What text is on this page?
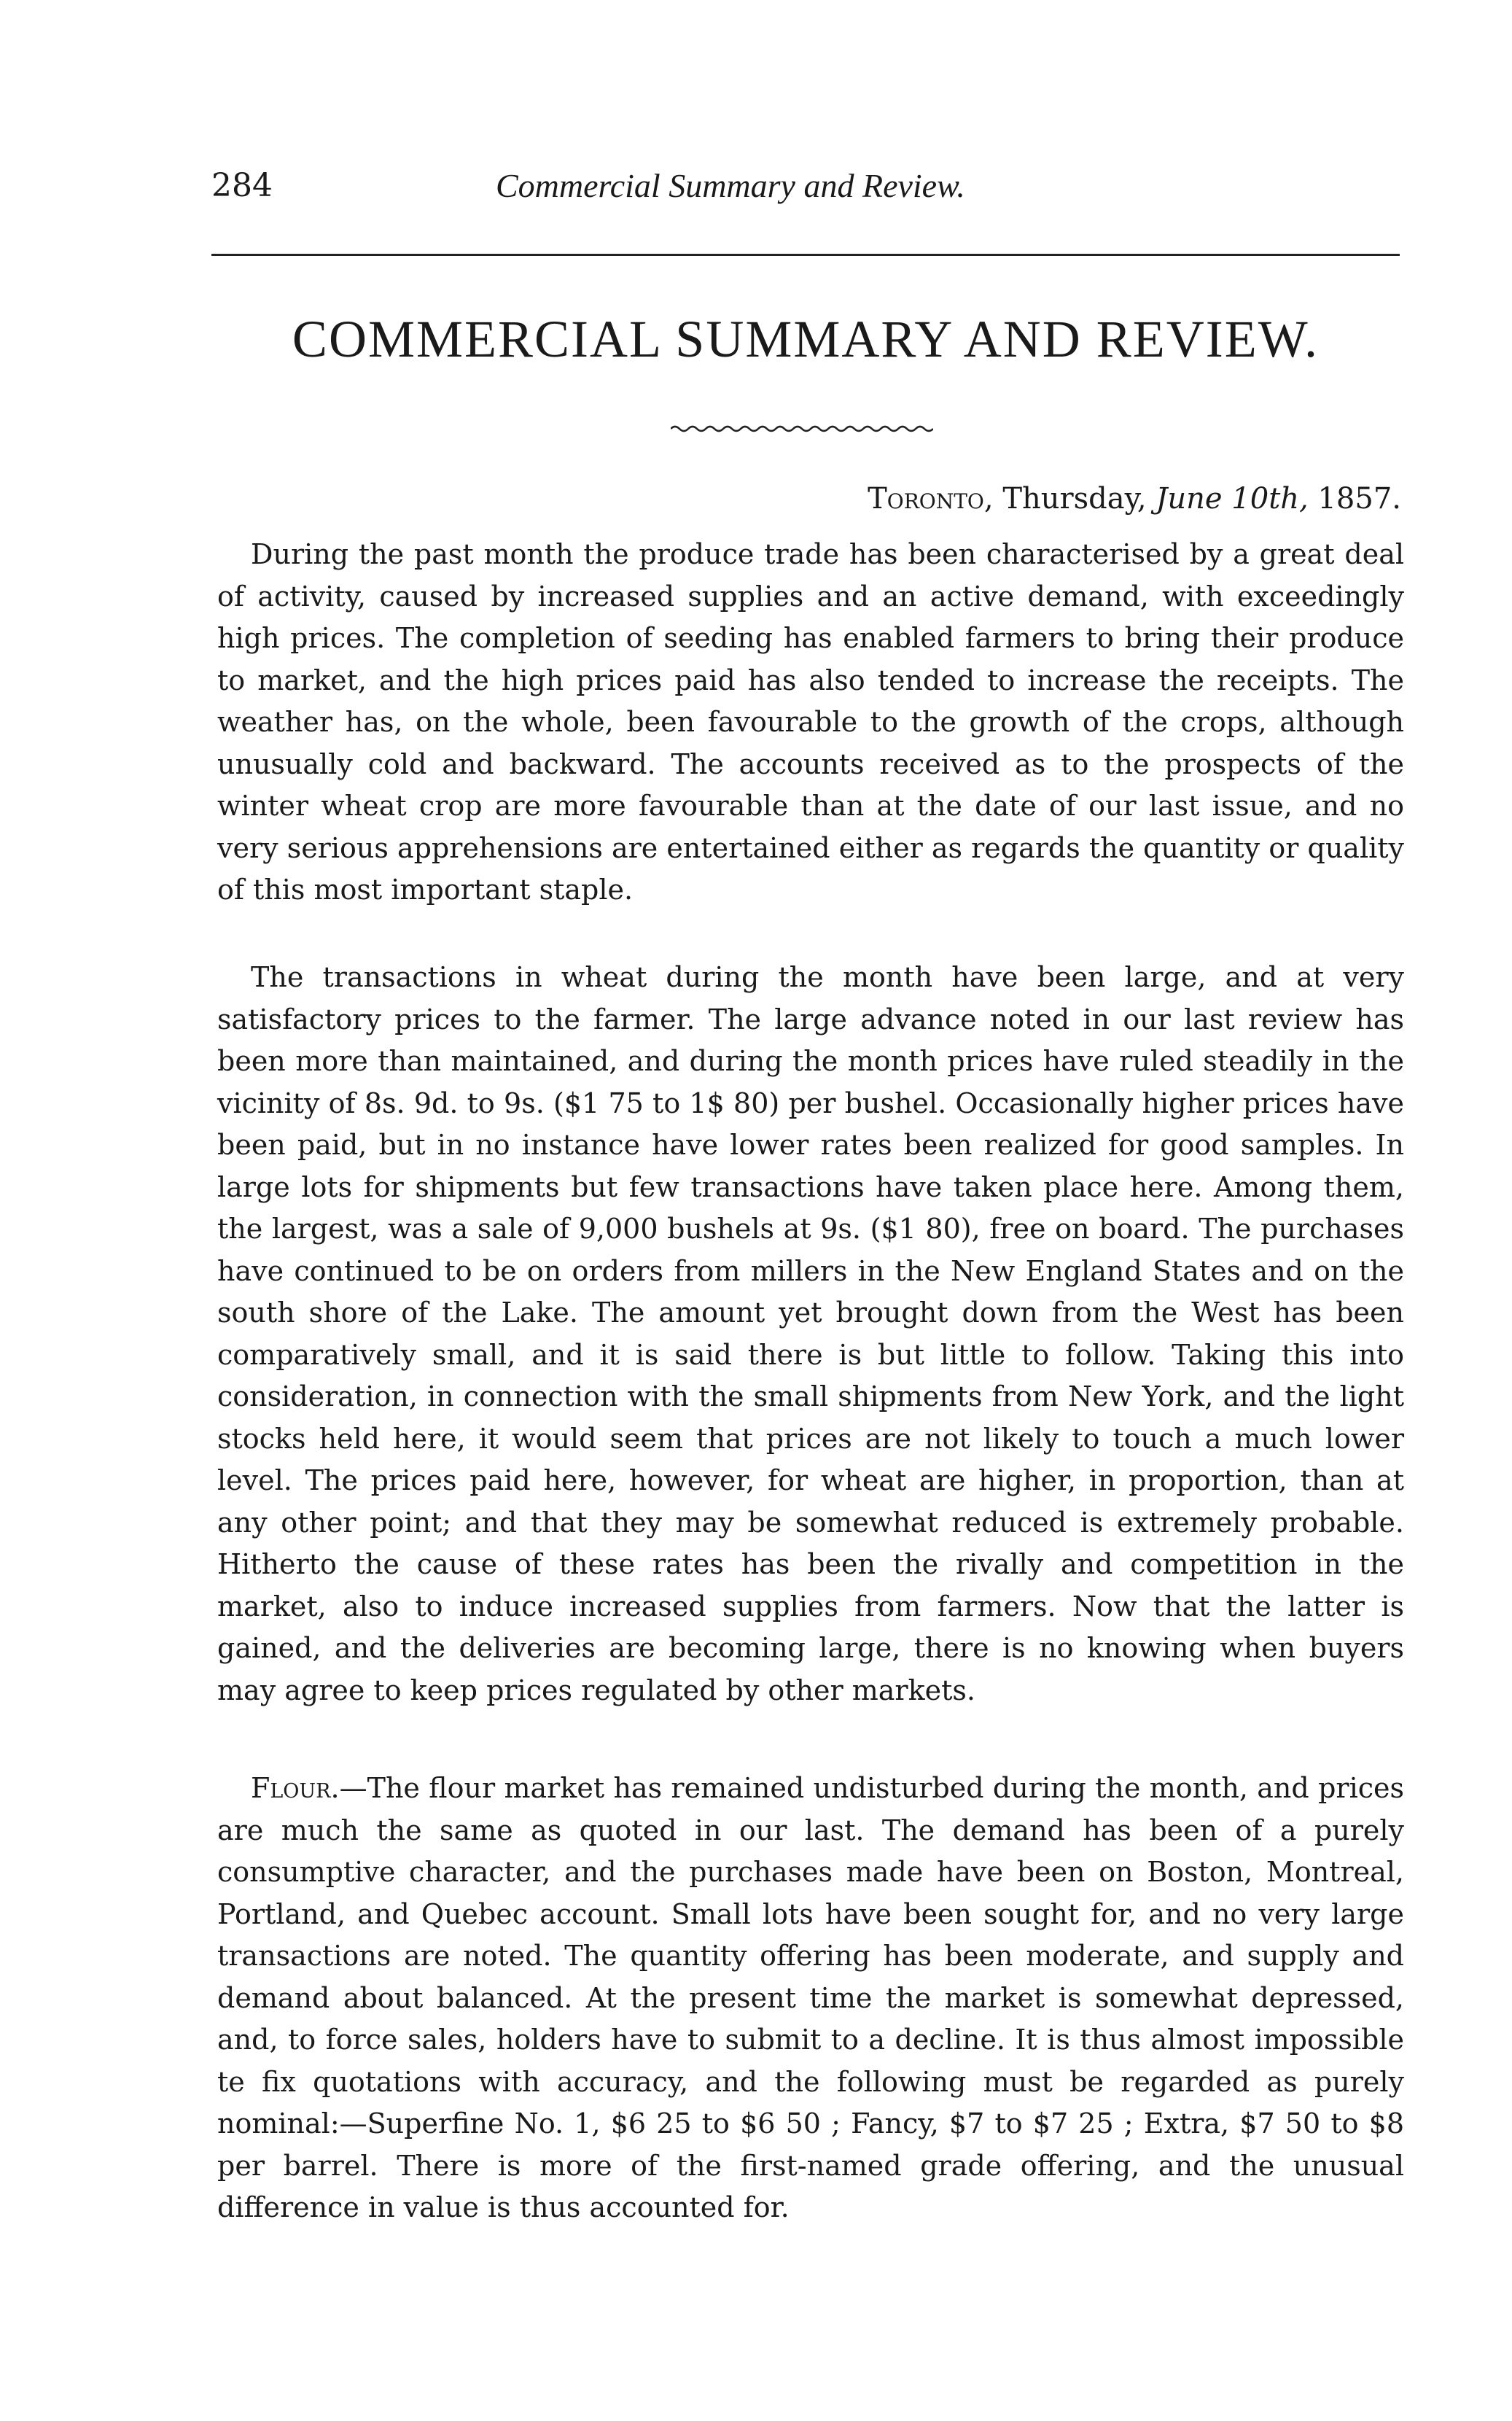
284	Commercial Summary and Review.
COMMERCIAL SUMMARY AND REVIEW.
Toronto, Thursday, June 10th, 1857.

During the past month the produce trade has been characterised by a great deal of activity, caused by increased supplies and an active demand, with exceedingly high prices. The completion of seeding has enabled farmers to bring their produce to market, and the high prices paid has also tended to increase the receipts. The weather has, on the whole, been favourable to the growth of the crops, although unusually cold and backward. The accounts received as to the prospects of the winter wheat crop are more favourable than at the date of our last issue, and no very serious apprehensions are entertained either as regards the quantity or quality of this most important staple.

The transactions in wheat during the month have been large, and at very satisfactory prices to the farmer. The large advance noted in our last review has been more than maintained, and during the month prices have ruled steadily in the vicinity of 8s. 9d. to 9s. ($1 75 to 1$ 80) per bushel. Occasionally higher prices have been paid, but in no instance have lower rates been realized for good samples. In large lots for shipments but few transactions have taken place here. Among them, the largest, was a sale of 9,000 bushels at 9s. ($1 80), free on board. The purchases have continued to be on orders from millers in the New England States and on the south shore of the Lake. The amount yet brought down from the West has been comparatively small, and it is said there is but little to follow. Taking this into consideration, in connection with the small shipments from New York, and the light stocks held here, it would seem that prices are not likely to touch a much lower level. The prices paid here, however, for wheat are higher, in proportion, than at any other point; and that they may be somewhat reduced is extremely probable. Hitherto the cause of these rates has been the rivally and competition in the market, also to induce increased supplies from farmers. Now that the latter is gained, and the deliveries are becoming large, there is no knowing when buyers may agree to keep prices regulated by other markets.

Flour.—The flour market has remained undisturbed during the month, and prices are much the same as quoted in our last. The demand has been of a purely consumptive character, and the purchases made have been on Boston, Montreal, Portland, and Quebec account. Small lots have been sought for, and no very large transactions are noted. The quantity offering has been moderate, and supply and demand about balanced. At the present time the market is somewhat depressed, and, to force sales, holders have to submit to a decline. It is thus almost impossible te fix quotations with accuracy, and the following must be regarded as purely nominal:—Superfine No. 1, $6 25 to $6 50 ; Fancy, $7 to $7 25 ; Extra, $7 50 to $8 per barrel. There is more of the first-named grade offering, and the unusual difference in value is thus accounted for.
